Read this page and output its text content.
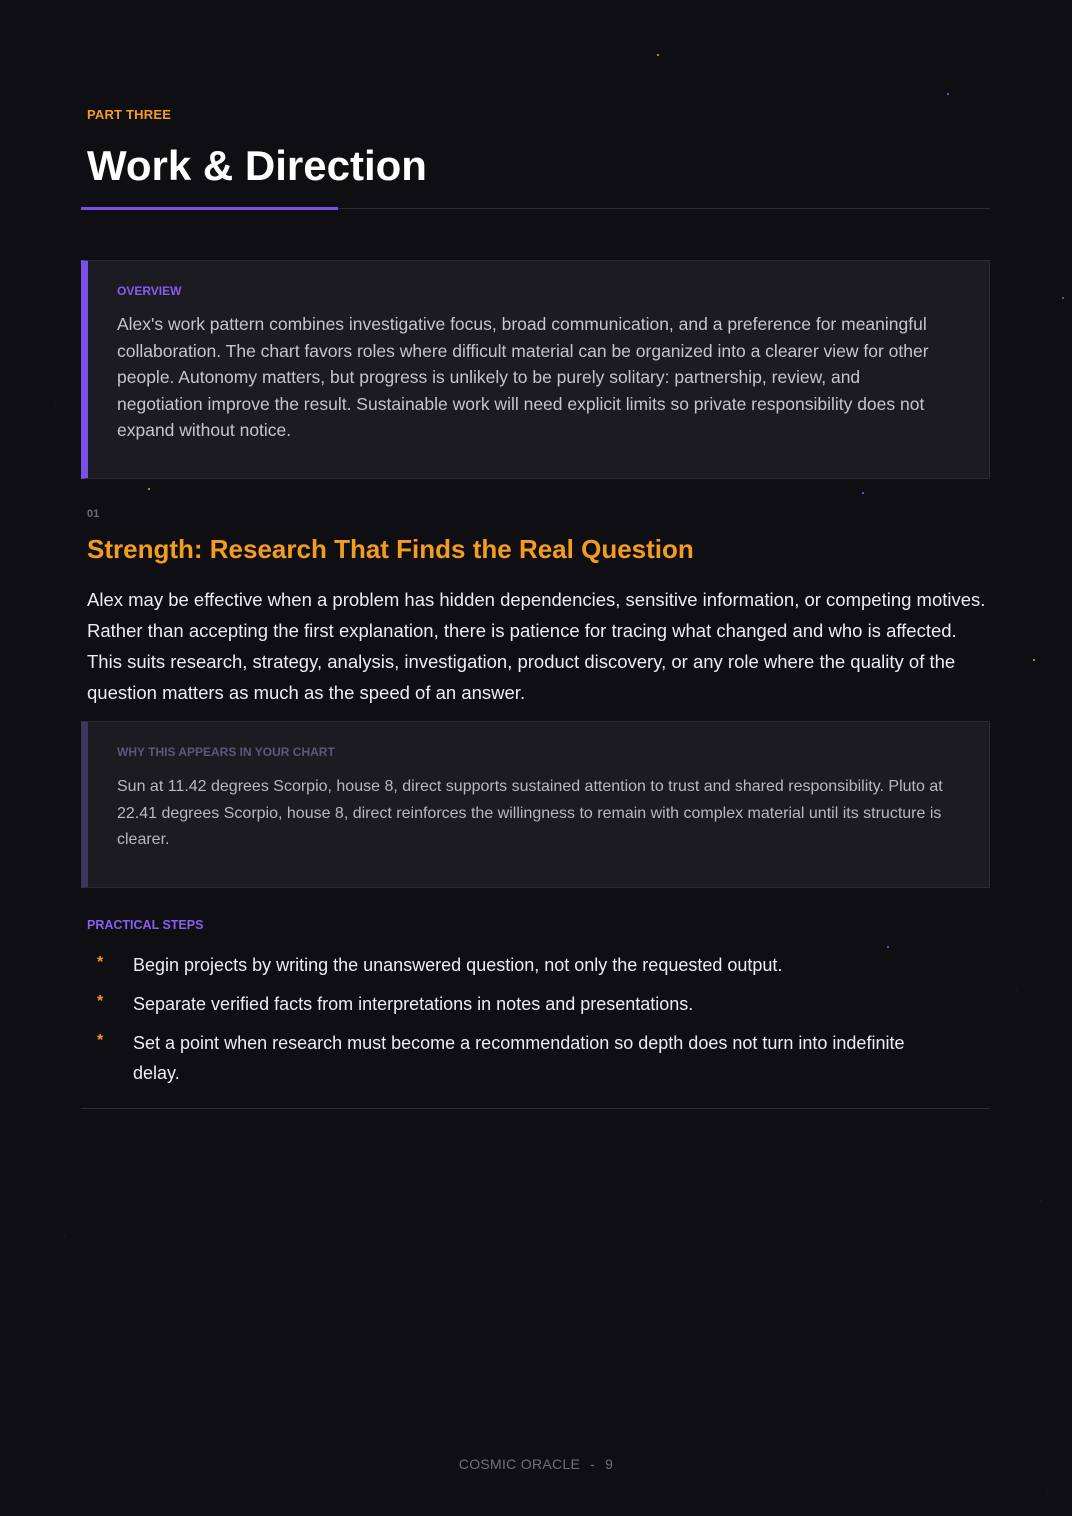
PART THREE
Work & Direction
OVERVIEW

Alex's work pattern combines investigative focus, broad communication, and a preference for meaningful collaboration. The chart favors roles where difficult material can be organized into a clearer view for other people. Autonomy matters, but progress is unlikely to be purely solitary: partnership, review, and negotiation improve the result. Sustainable work will need explicit limits so private responsibility does not expand without notice.

01
Strength: Research That Finds the Real Question

Alex may be effective when a problem has hidden dependencies, sensitive information, or competing motives. Rather than accepting the first explanation, there is patience for tracing what changed and who is affected. This suits research, strategy, analysis, investigation, product discovery, or any role where the quality of the question matters as much as the speed of an answer.

WHY THIS APPEARS IN YOUR CHART

Sun at 11.42 degrees Scorpio, house 8, direct supports sustained attention to trust and shared responsibility. Pluto at 22.41 degrees Scorpio, house 8, direct reinforces the willingness to remain with complex material until its structure is clearer.

PRACTICAL STEPS
* Begin projects by writing the unanswered question, not only the requested output.
* Separate verified facts from interpretations in notes and presentations.
* Set a point when research must become a recommendation so depth does not turn into indefinite delay.
COSMIC ORACLE - 9
